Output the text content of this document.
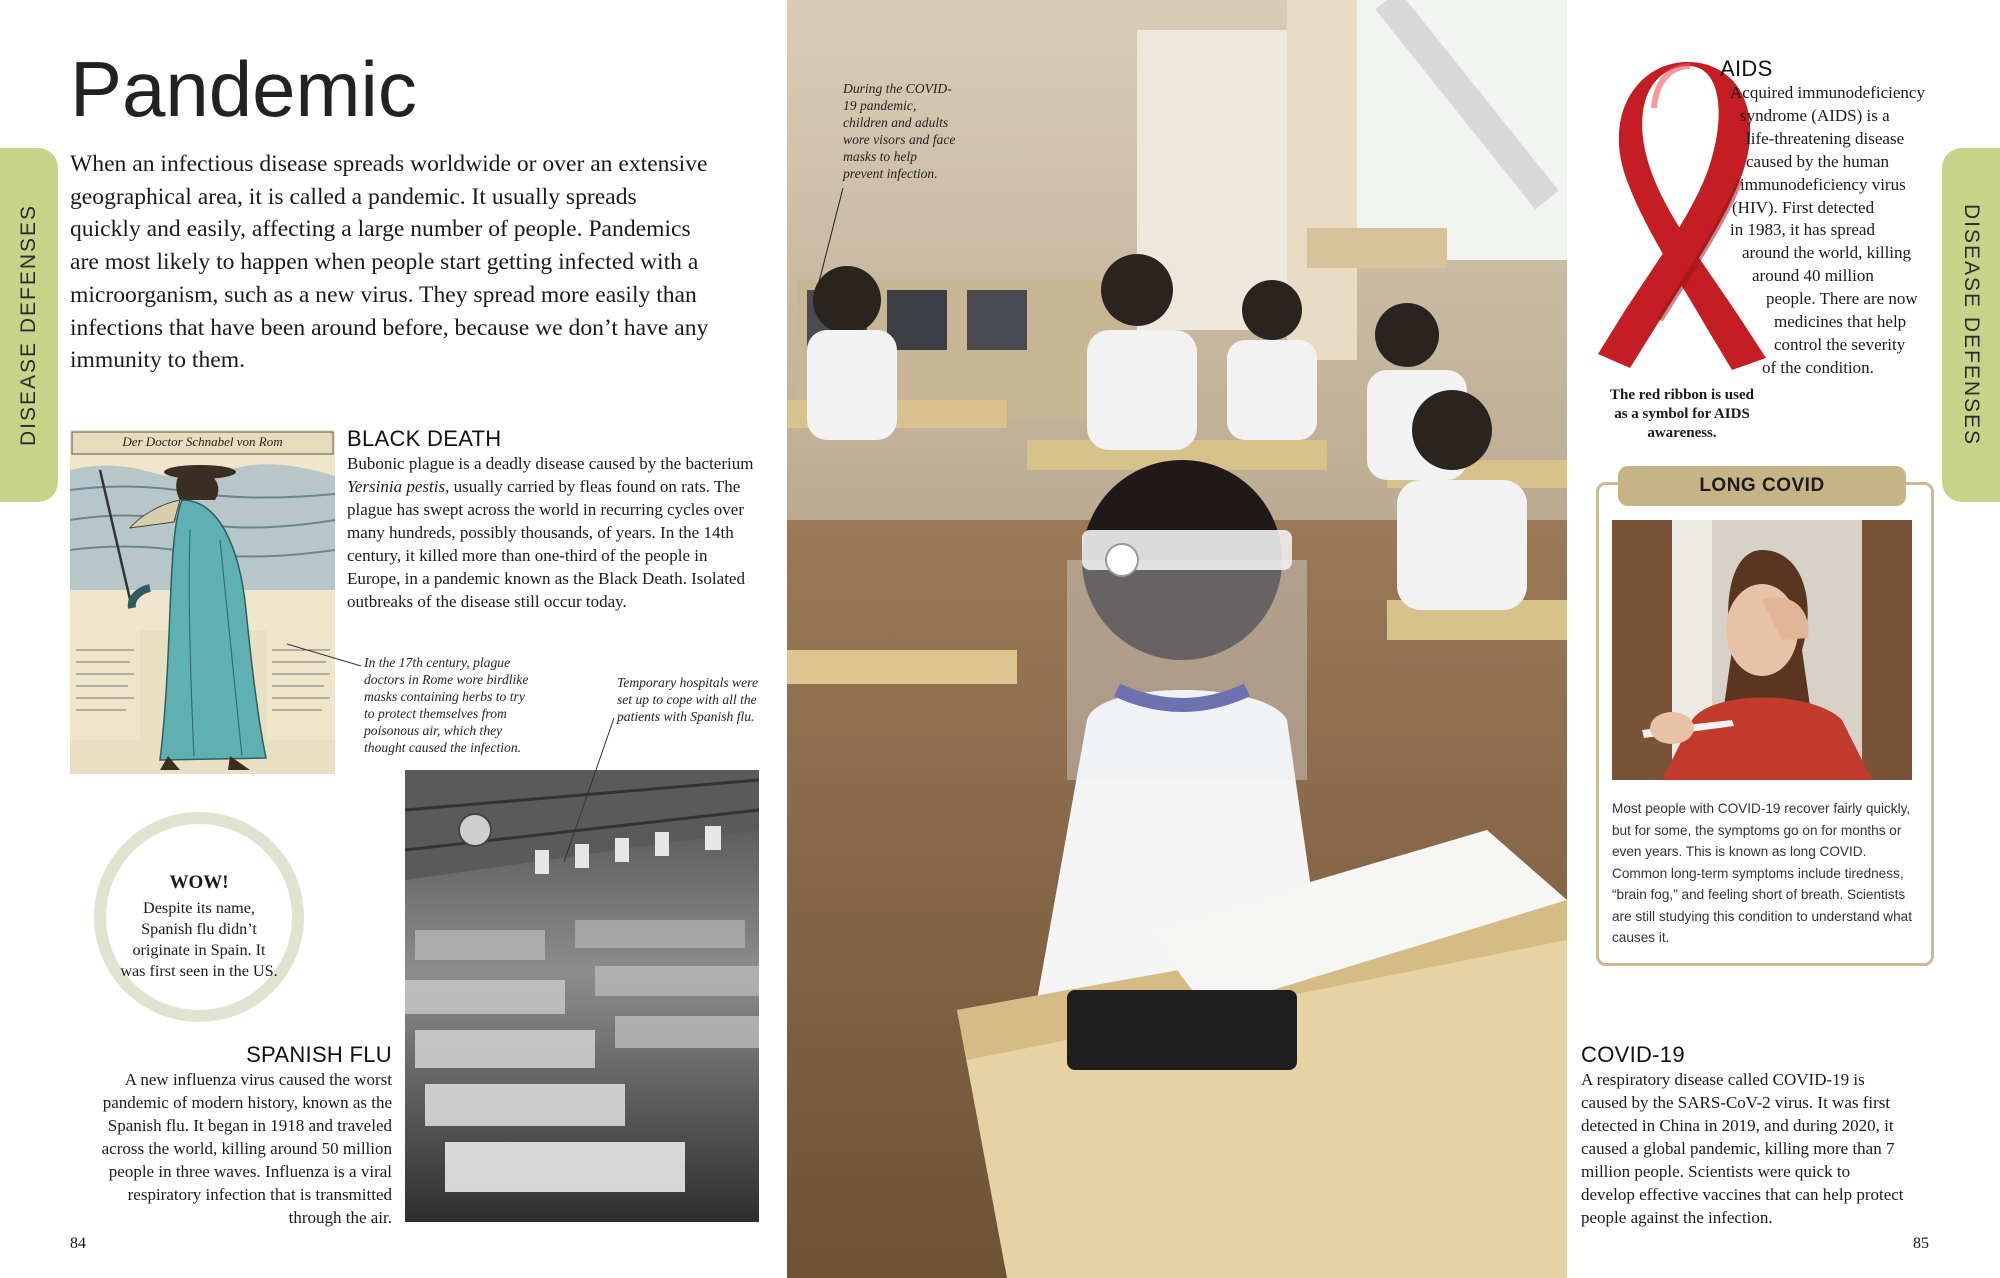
DISEASE DEFENSES	DISEASE DEFENSES
Pandemic
When an infectious disease spreads worldwide or over an extensive geographical area, it is called a pandemic. It usually spreads quickly and easily, affecting a large number of people. Pandemics are most likely to happen when people start getting infected with a microorganism, such as a new virus. They spread more easily than infections that have been around before, because we don’t have any immunity to them.
Der Doctor Schnabel von Rom	BLACK DEATH
Bubonic plague is a deadly disease caused by the bacterium Yersinia pestis, usually carried by fleas found on rats. The plague has swept across the world in recurring cycles over many hundreds, possibly thousands, of years. In the 14th century, it killed more than one-third of the people in Europe, in a pandemic known as the Black Death. Isolated outbreaks of the disease still occur today.
In the 17th century, plague doctors in Rome wore birdlike masks containing herbs to try to protect themselves from poisonous air, which they thought caused the infection.
Temporary hospitals were set up to cope with all the patients with Spanish flu.
WOW!
Despite its name, Spanish flu didn’t originate in Spain. It was first seen in the US.
SPANISH FLU
A new influenza virus caused the worst pandemic of modern history, known as the Spanish flu. It began in 1918 and traveled across the world, killing around 50 million people in three waves. Influenza is a viral respiratory infection that is transmitted through the air.
84
During the COVID-19 pandemic, children and adults wore visors and face masks to help prevent infection.
AIDS
Acquired immunodeficiency
syndrome (AIDS) is a
life-threatening disease
caused by the human
immunodeficiency virus
(HIV). First detected
in 1983, it has spread
around the world, killing
around 40 million
people. There are now
medicines that help
control the severity
of the condition.
The red ribbon is used as a symbol for AIDS awareness.
LONG COVID
Most people with COVID-19 recover fairly quickly, but for some, the symptoms go on for months or even years. This is known as long COVID. Common long-term symptoms include tiredness, “brain fog,” and feeling short of breath. Scientists are still studying this condition to understand what causes it.
COVID-19
A respiratory disease called COVID-19 is caused by the SARS-CoV-2 virus. It was first detected in China in 2019, and during 2020, it caused a global pandemic, killing more than 7 million people. Scientists were quick to develop effective vaccines that can help protect people against the infection.
85
